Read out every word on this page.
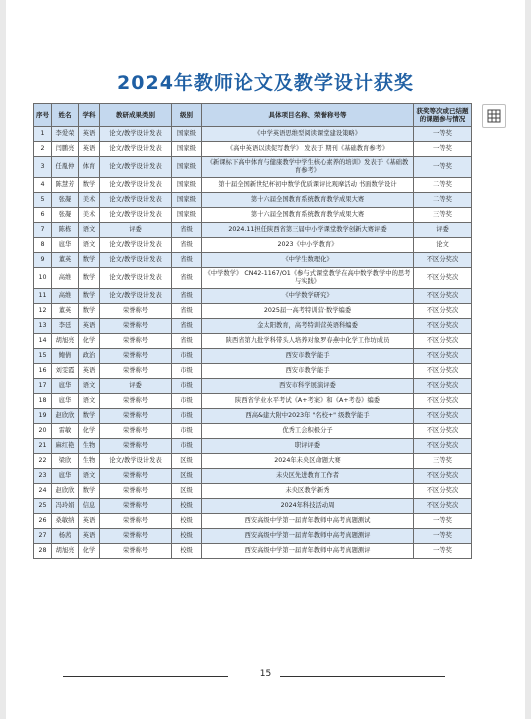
2024年教师论文及教学设计获奖
序号	姓名	学科	教研成果类别	级别	具体项目名称、荣誉称号等	获奖等次或已结题的课题参与情况
1	李爱荣	英语	论文/教学设计发表	国家级	《中学英语思维型阅读课堂建设策略》	一等奖
2	闫鹏亮	英语	论文/教学设计发表	国家级	《高中英语以读促写教学》 发表于 期刊《基础教育参考》	一等奖
3	任胤仲	体育	论文/教学设计发表	国家级	《新课标下高中体育与健康教学中学生核心素养的培训》发表于《基础教育参考》	一等奖
4	陈慧芳	数学	论文/教学设计发表	国家级	第十届全国新世纪杯初中数学优质课评比观摩活动 书面数学设计	二等奖
5	张凝	美术	论文/教学设计发表	国家级	第十六届全国教育系统教育教学成果大赛	二等奖
6	张凝	美术	论文/教学设计发表	国家级	第十六届全国教育系统教育教学成果大赛	三等奖
7	陈栋	语文	评委	省级	2024.11担任陕西省第三届中小学课堂教学创新大赛评委	评委
8	扈华	语文	论文/教学设计发表	省级	2023《中小学教育》	论文
9	董英	数学	论文/教学设计发表	省级	《中学生数理化》	不区分奖次
10	高维	数学	论文/教学设计发表	省级	《中学数学》 CN42-1167/O1《参与式课堂教学在高中数学教学中的思考与实践》	不区分奖次
11	高维	数学	论文/教学设计发表	省级	《中学数学研究》	不区分奖次
12	董英	数学	荣誉称号	省级	2025届一高考特训营·数学编委	不区分奖次
13	李廷	英语	荣誉称号	省级	金太阳教育，高考特训营英语科编委	不区分奖次
14	胡旭亮	化学	荣誉称号	省级	陕西省第九批学科带头人培养对象罗春燕中化学工作坊成员	不区分奖次
15	鲍倩	政治	荣誉称号	市级	西安市教学能手	不区分奖次
16	刘雯霞	英语	荣誉称号	市级	西安市教学能手	不区分奖次
17	扈华	语文	评委	市级	西安市科学展演评委	不区分奖次
18	扈华	语文	荣誉称号	市级	陕西省学业水平考试《A+考案》和《A+考卷》编委	不区分奖次
19	赵欣欣	数学	荣誉称号	市级	西高&建大附中2023年 "名校+" 级教学能手	不区分奖次
20	雷敏	化学	荣誉称号	市级	优秀工会积极分子	不区分奖次
21	麻红艳	生物	荣誉称号	市级	职评评委	不区分奖次
22	梁欣	生物	论文/教学设计发表	区级	2024年未央区命题大赛	三等奖
23	扈华	语文	荣誉称号	区级	未央区先进教育工作者	不区分奖次
24	赵欣欣	数学	荣誉称号	区级	未央区教学新秀	不区分奖次
25	冯玲娟	信息	荣誉称号	校级	2024年科技活动周	不区分奖次
26	桑敏纳	英语	荣誉称号	校级	西安高级中学第一届青年教师中高考真题测试	一等奖
27	杨茜	英语	荣誉称号	校级	西安高级中学第一届青年教师中高考真题测评	一等奖
28	胡旭亮	化学	荣誉称号	校级	西安高级中学第一届青年教师中高考真题测评	一等奖
15
